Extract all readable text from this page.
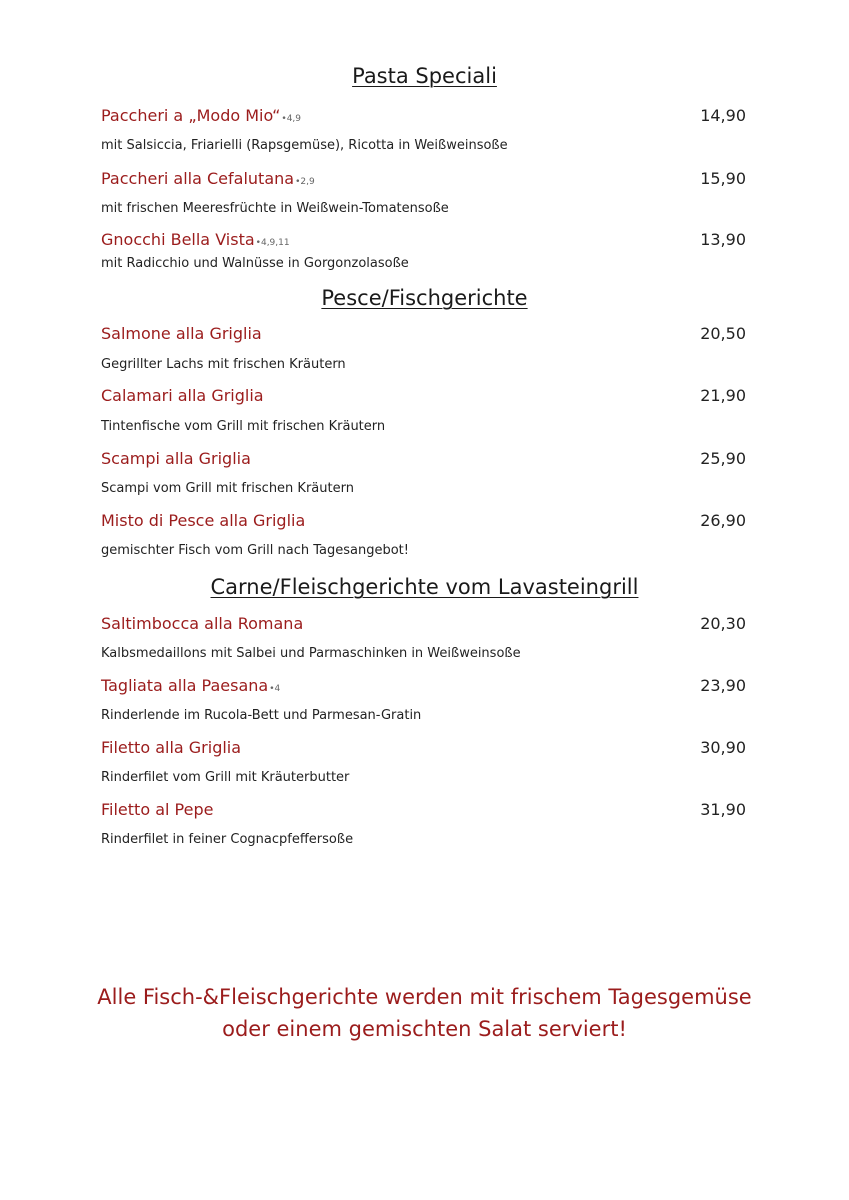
Pasta Speciali
Paccheri a „Modo Mio“•4,9	14,90
mit Salsiccia, Friarielli (Rapsgemüse), Ricotta in Weißweinsoße
Paccheri alla Cefalutana•2,9	15,90
mit frischen Meeresfrüchte in Weißwein-Tomatensoße
Gnocchi Bella Vista•4,9,11	13,90
mit Radicchio und Walnüsse in Gorgonzolasoße
Pesce/Fischgerichte
Salmone alla Griglia	20,50
Gegrillter Lachs mit frischen Kräutern
Calamari alla Griglia	21,90
Tintenfische vom Grill mit frischen Kräutern
Scampi alla Griglia	25,90
Scampi vom Grill mit frischen Kräutern
Misto di Pesce alla Griglia	26,90
gemischter Fisch vom Grill nach Tagesangebot!
Carne/Fleischgerichte vom Lavasteingrill
Saltimbocca alla Romana	20,30
Kalbsmedaillons mit Salbei und Parmaschinken in Weißweinsoße
Tagliata alla Paesana•4	23,90
Rinderlende im Rucola-Bett und Parmesan-Gratin
Filetto alla Griglia	30,90
Rinderfilet vom Grill mit Kräuterbutter
Filetto al Pepe	31,90
Rinderfilet in feiner Cognacpfeffersoße
Alle Fisch-&Fleischgerichte werden mit frischem Tagesgemüse
oder einem gemischten Salat serviert!
